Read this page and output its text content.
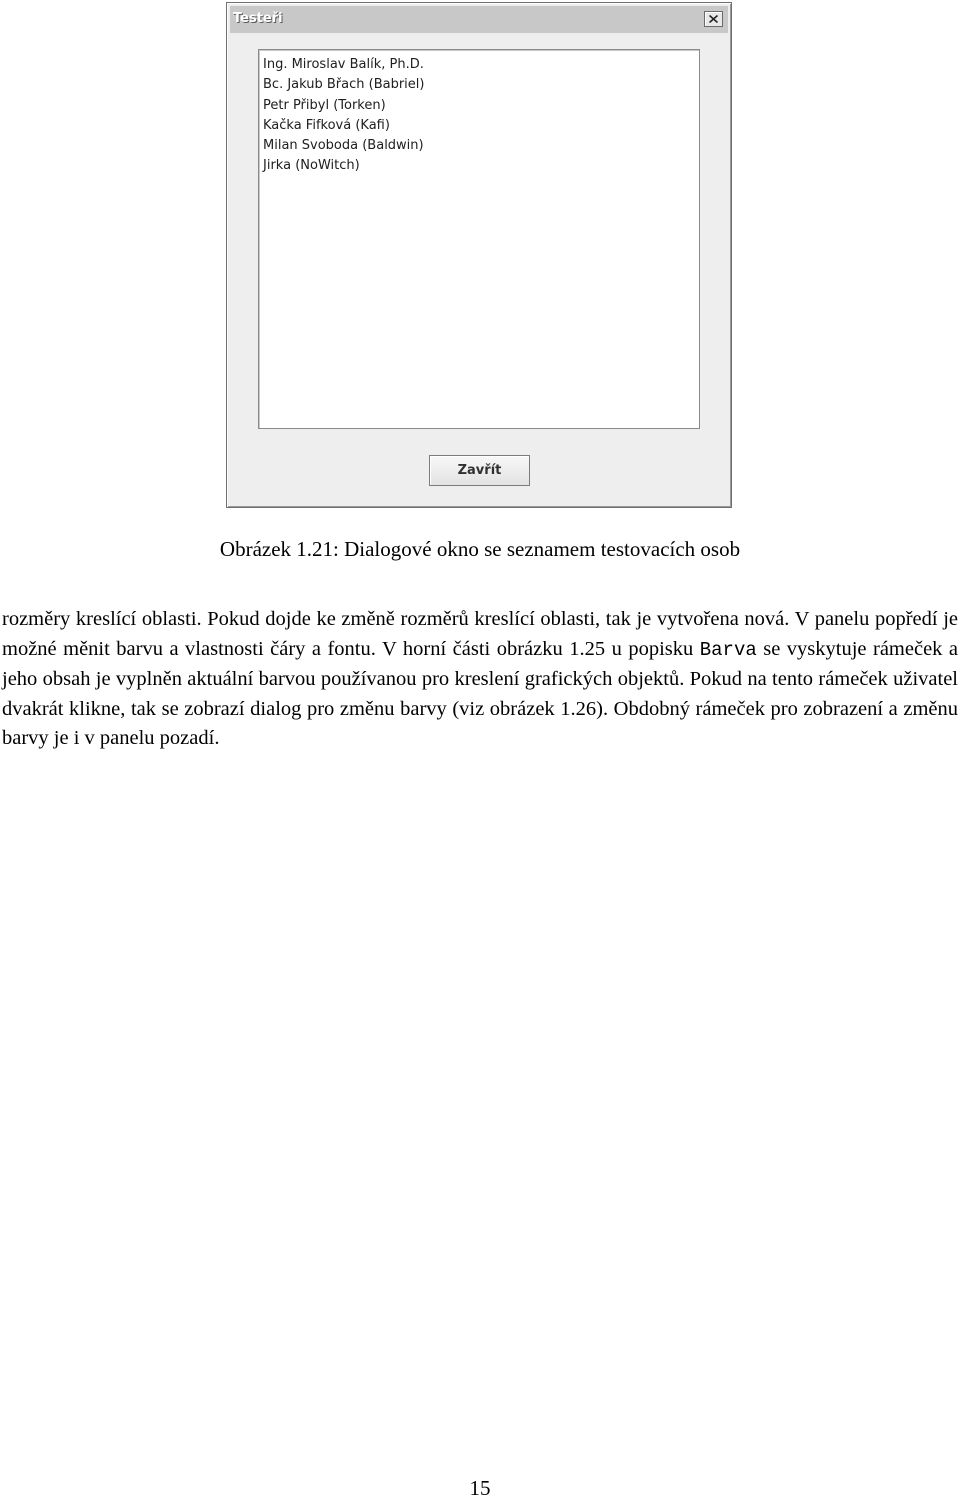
Testeři
Ing. Miroslav Balík, Ph.D.
Bc. Jakub Břach (Babriel)
Petr Přibyl (Torken)
Kačka Fifková (Kafi)
Milan Svoboda (Baldwin)
Jirka (NoWitch)
Zavřít

Obrázek 1.21: Dialogové okno se seznamem testovacích osob

rozměry kreslící oblasti. Pokud dojde ke změně rozměrů kreslící oblasti, tak je vytvořena nová. V panelu popředí je možné měnit barvu a vlastnosti čáry a fontu. V horní části obrázku 1.25 u popisku Barva se vyskytuje rámeček a jeho obsah je vyplněn aktuální barvou používanou pro kreslení grafických objektů. Pokud na tento rámeček uživatel dvakrát klikne, tak se zobrazí dialog pro změnu barvy (viz obrázek 1.26). Obdobný rámeček pro zobrazení a změnu barvy je i v panelu pozadí.

15
